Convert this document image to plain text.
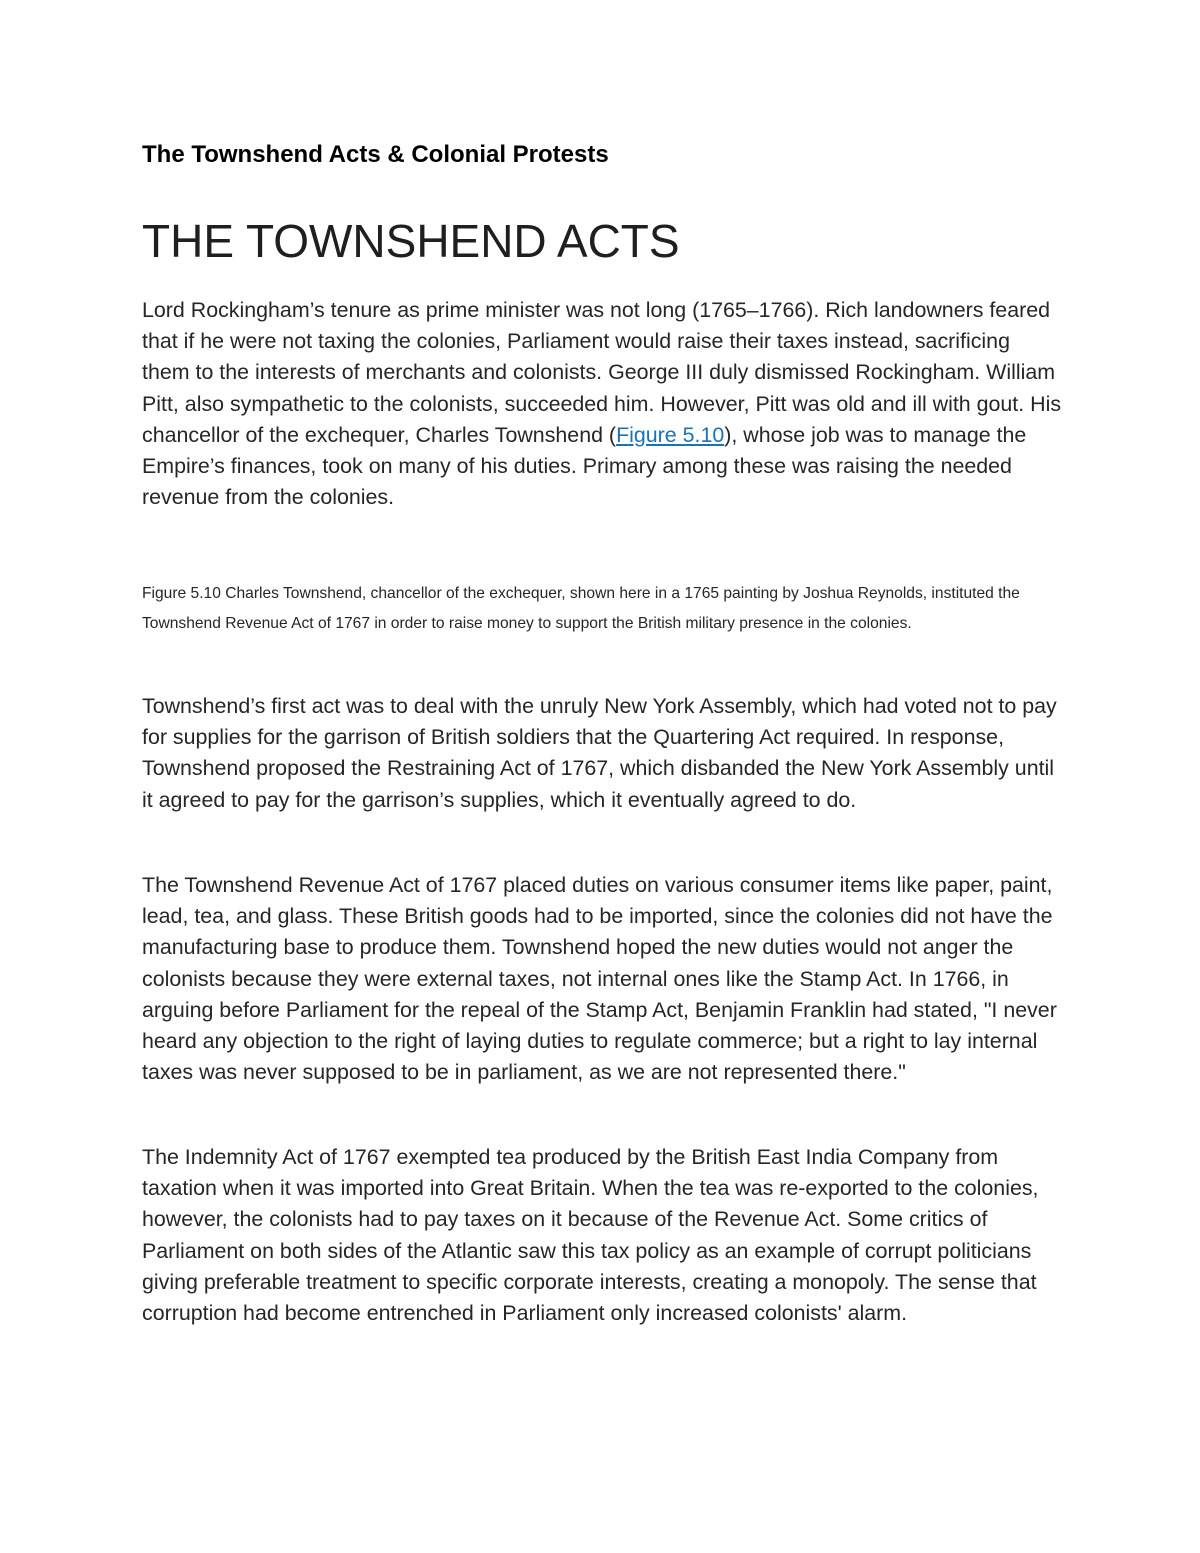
The Townshend Acts & Colonial Protests
THE TOWNSHEND ACTS

Lord Rockingham’s tenure as prime minister was not long (1765–1766). Rich landowners feared that if he were not taxing the colonies, Parliament would raise their taxes instead, sacrificing them to the interests of merchants and colonists. George III duly dismissed Rockingham. William Pitt, also sympathetic to the colonists, succeeded him. However, Pitt was old and ill with gout. His chancellor of the exchequer, Charles Townshend (Figure 5.10), whose job was to manage the Empire’s finances, took on many of his duties. Primary among these was raising the needed revenue from the colonies.

Figure 5.10 Charles Townshend, chancellor of the exchequer, shown here in a 1765 painting by Joshua Reynolds, instituted the Townshend Revenue Act of 1767 in order to raise money to support the British military presence in the colonies.

Townshend’s first act was to deal with the unruly New York Assembly, which had voted not to pay for supplies for the garrison of British soldiers that the Quartering Act required. In response, Townshend proposed the Restraining Act of 1767, which disbanded the New York Assembly until it agreed to pay for the garrison’s supplies, which it eventually agreed to do.

The Townshend Revenue Act of 1767 placed duties on various consumer items like paper, paint, lead, tea, and glass. These British goods had to be imported, since the colonies did not have the manufacturing base to produce them. Townshend hoped the new duties would not anger the colonists because they were external taxes, not internal ones like the Stamp Act. In 1766, in arguing before Parliament for the repeal of the Stamp Act, Benjamin Franklin had stated, "I never heard any objection to the right of laying duties to regulate commerce; but a right to lay internal taxes was never supposed to be in parliament, as we are not represented there."

The Indemnity Act of 1767 exempted tea produced by the British East India Company from taxation when it was imported into Great Britain. When the tea was re-exported to the colonies, however, the colonists had to pay taxes on it because of the Revenue Act. Some critics of Parliament on both sides of the Atlantic saw this tax policy as an example of corrupt politicians giving preferable treatment to specific corporate interests, creating a monopoly. The sense that corruption had become entrenched in Parliament only increased colonists' alarm.
